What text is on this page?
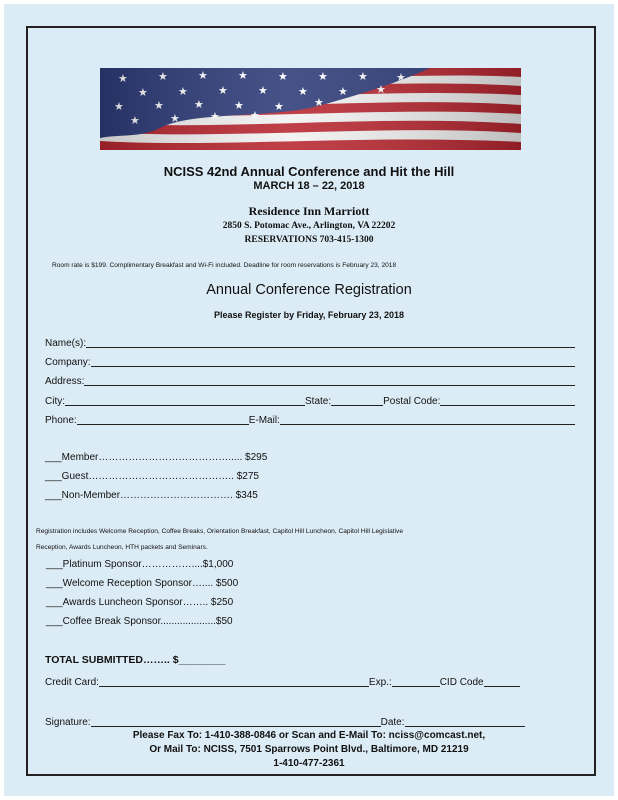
NCISS 42nd Annual Conference and Hit the Hill
MARCH 18 – 22, 2018
Residence Inn Marriott
2850 S. Potomac Ave., Arlington, VA 22202
RESERVATIONS 703-415-1300
Room rate is $199. Complimentary Breakfast and Wi-Fi included. Deadline for room reservations is February 23, 2018
Annual Conference Registration
Please Register by Friday, February 23, 2018
Name(s):
Company:
Address:
City:	State:	Postal Code:
Phone:	E-Mail:
___Member…………………………………..... $295
___Guest…………………………………….. $275
___Non-Member……………………………. $345
Registration includes Welcome Reception, Coffee Breaks, Orientation Breakfast, Capitol Hill Luncheon, Capitol Hill Legislative
Reception, Awards Luncheon, HTH packets and Seminars.
___Platinum Sponsor……………....$1,000
___Welcome Reception Sponsor….... $500
___Awards Luncheon Sponsor…….. $250
___Coffee Break Sponsor....................$50
TOTAL SUBMITTED…….. $________
Credit Card:	Exp.:	CID Code
Signature:	Date:
Please Fax To: 1-410-388-0846 or Scan and E-Mail To: nciss@comcast.net,
Or Mail To: NCISS, 7501 Sparrows Point Blvd., Baltimore, MD 21219
1-410-477-2361
